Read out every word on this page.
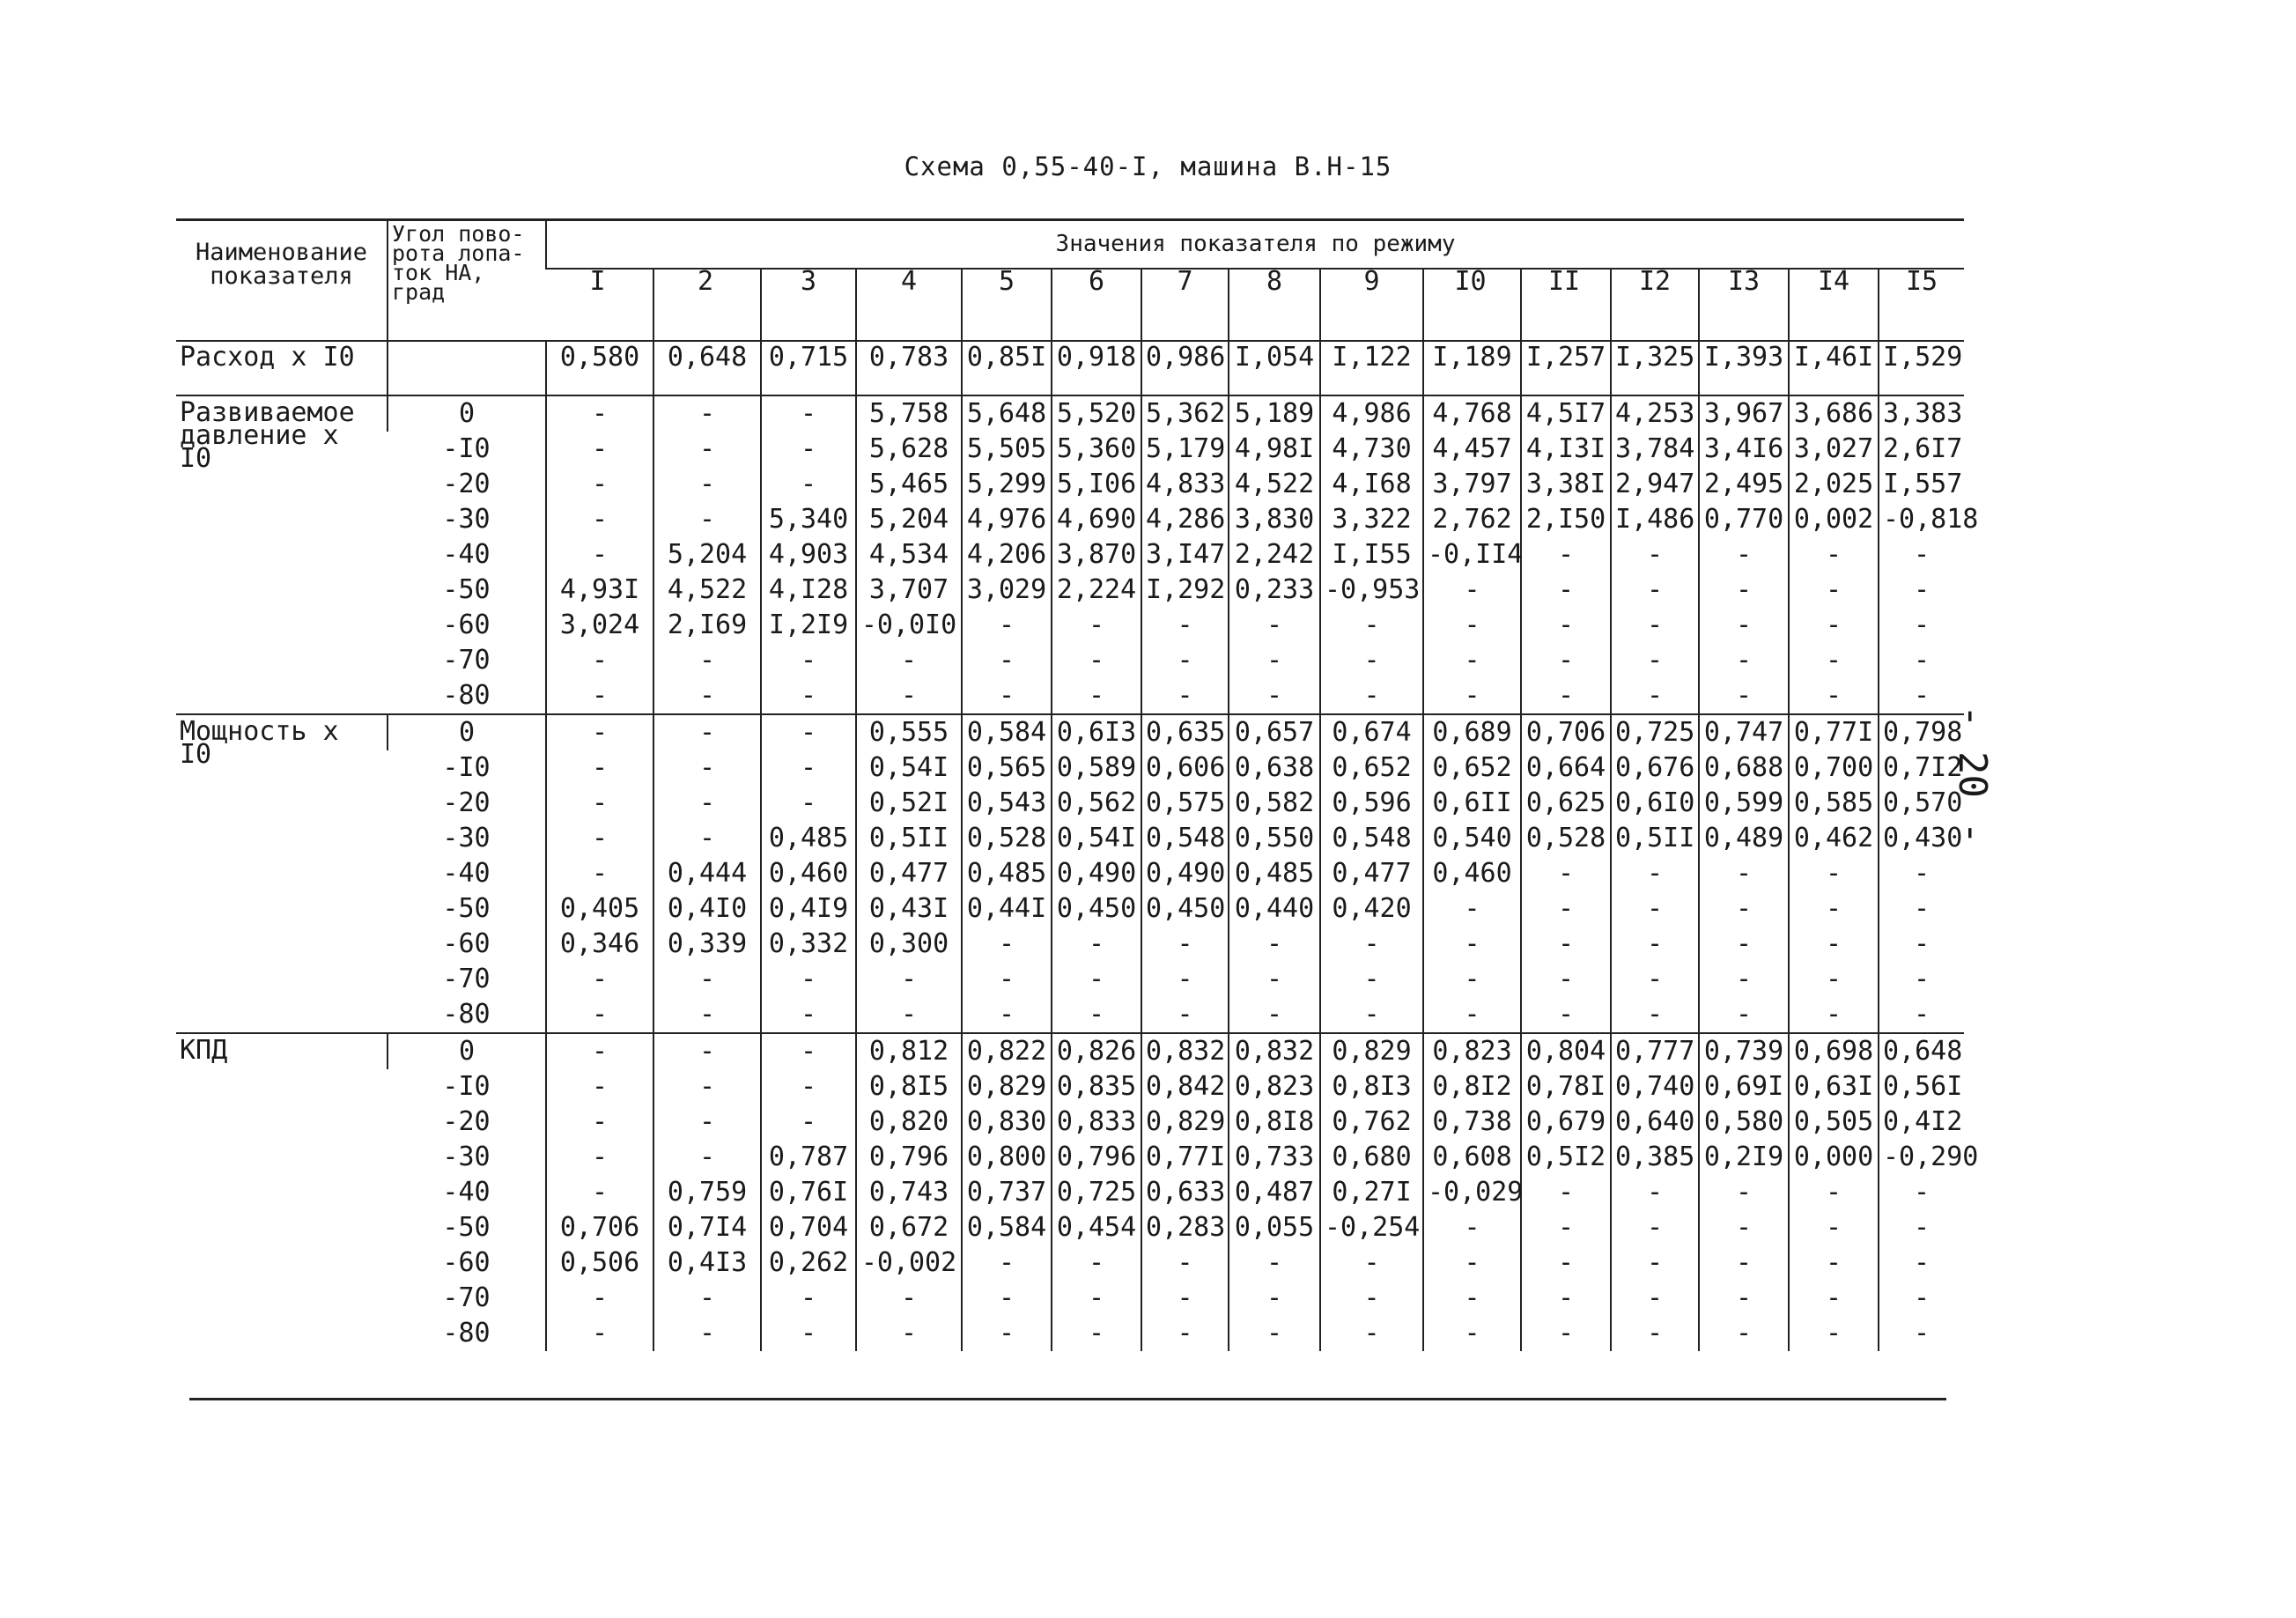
Схема 0,55-40-I, машина В.Н-15
- 20 -
Наименование показателя	Угол пово- рота лопа- ток НА, град	Значения показателя по режиму														
		I	2	3	4	5	6	7	8	9	I0	II	I2	I3	I4	I5
Расход х I0		0,580	0,648	0,715	0,783	0,85I	0,918	0,986	I,054	I,122	I,189	I,257	I,325	I,393	I,46I	I,529
Развиваемое давление х I0	0	-	-	-	5,758	5,648	5,520	5,362	5,189	4,986	4,768	4,5I7	4,253	3,967	3,686	3,383
	-I0	-	-	-	5,628	5,505	5,360	5,179	4,98I	4,730	4,457	4,I3I	3,784	3,4I6	3,027	2,6I7
	-20	-	-	-	5,465	5,299	5,I06	4,833	4,522	4,I68	3,797	3,38I	2,947	2,495	2,025	I,557
	-30	-	-	5,340	5,204	4,976	4,690	4,286	3,830	3,322	2,762	2,I50	I,486	0,770	0,002	-0,818
	-40	-	5,204	4,903	4,534	4,206	3,870	3,I47	2,242	I,I55	-0,II4	-	-	-	-	-
	-50	4,93I	4,522	4,I28	3,707	3,029	2,224	I,292	0,233	-0,953	-	-	-	-	-	-
	-60	3,024	2,I69	I,2I9	-0,0I0	-	-	-	-	-	-	-	-	-	-	-
	-70	-	-	-	-	-	-	-	-	-	-	-	-	-	-	-
	-80	-	-	-	-	-	-	-	-	-	-	-	-	-	-	-
Мощность х I0	0	-	-	-	0,555	0,584	0,6I3	0,635	0,657	0,674	0,689	0,706	0,725	0,747	0,77I	0,798
	-I0	-	-	-	0,54I	0,565	0,589	0,606	0,638	0,652	0,652	0,664	0,676	0,688	0,700	0,7I2
	-20	-	-	-	0,52I	0,543	0,562	0,575	0,582	0,596	0,6II	0,625	0,6I0	0,599	0,585	0,570
	-30	-	-	0,485	0,5II	0,528	0,54I	0,548	0,550	0,548	0,540	0,528	0,5II	0,489	0,462	0,430
	-40	-	0,444	0,460	0,477	0,485	0,490	0,490	0,485	0,477	0,460	-	-	-	-	-
	-50	0,405	0,4I0	0,4I9	0,43I	0,44I	0,450	0,450	0,440	0,420	-	-	-	-	-	-
	-60	0,346	0,339	0,332	0,300	-	-	-	-	-	-	-	-	-	-	-
	-70	-	-	-	-	-	-	-	-	-	-	-	-	-	-	-
	-80	-	-	-	-	-	-	-	-	-	-	-	-	-	-	-
КПД	0	-	-	-	0,812	0,822	0,826	0,832	0,832	0,829	0,823	0,804	0,777	0,739	0,698	0,648
	-I0	-	-	-	0,8I5	0,829	0,835	0,842	0,823	0,8I3	0,8I2	0,78I	0,740	0,69I	0,63I	0,56I
	-20	-	-	-	0,820	0,830	0,833	0,829	0,8I8	0,762	0,738	0,679	0,640	0,580	0,505	0,4I2
	-30	-	-	0,787	0,796	0,800	0,796	0,77I	0,733	0,680	0,608	0,5I2	0,385	0,2I9	0,000	-0,290
	-40	-	0,759	0,76I	0,743	0,737	0,725	0,633	0,487	0,27I	-0,029	-	-	-	-	-
	-50	0,706	0,7I4	0,704	0,672	0,584	0,454	0,283	0,055	-0,254	-	-	-	-	-	-
	-60	0,506	0,4I3	0,262	-0,002	-	-	-	-	-	-	-	-	-	-	-
	-70	-	-	-	-	-	-	-	-	-	-	-	-	-	-	-
	-80	-	-	-	-	-	-	-	-	-	-	-	-	-	-	-
